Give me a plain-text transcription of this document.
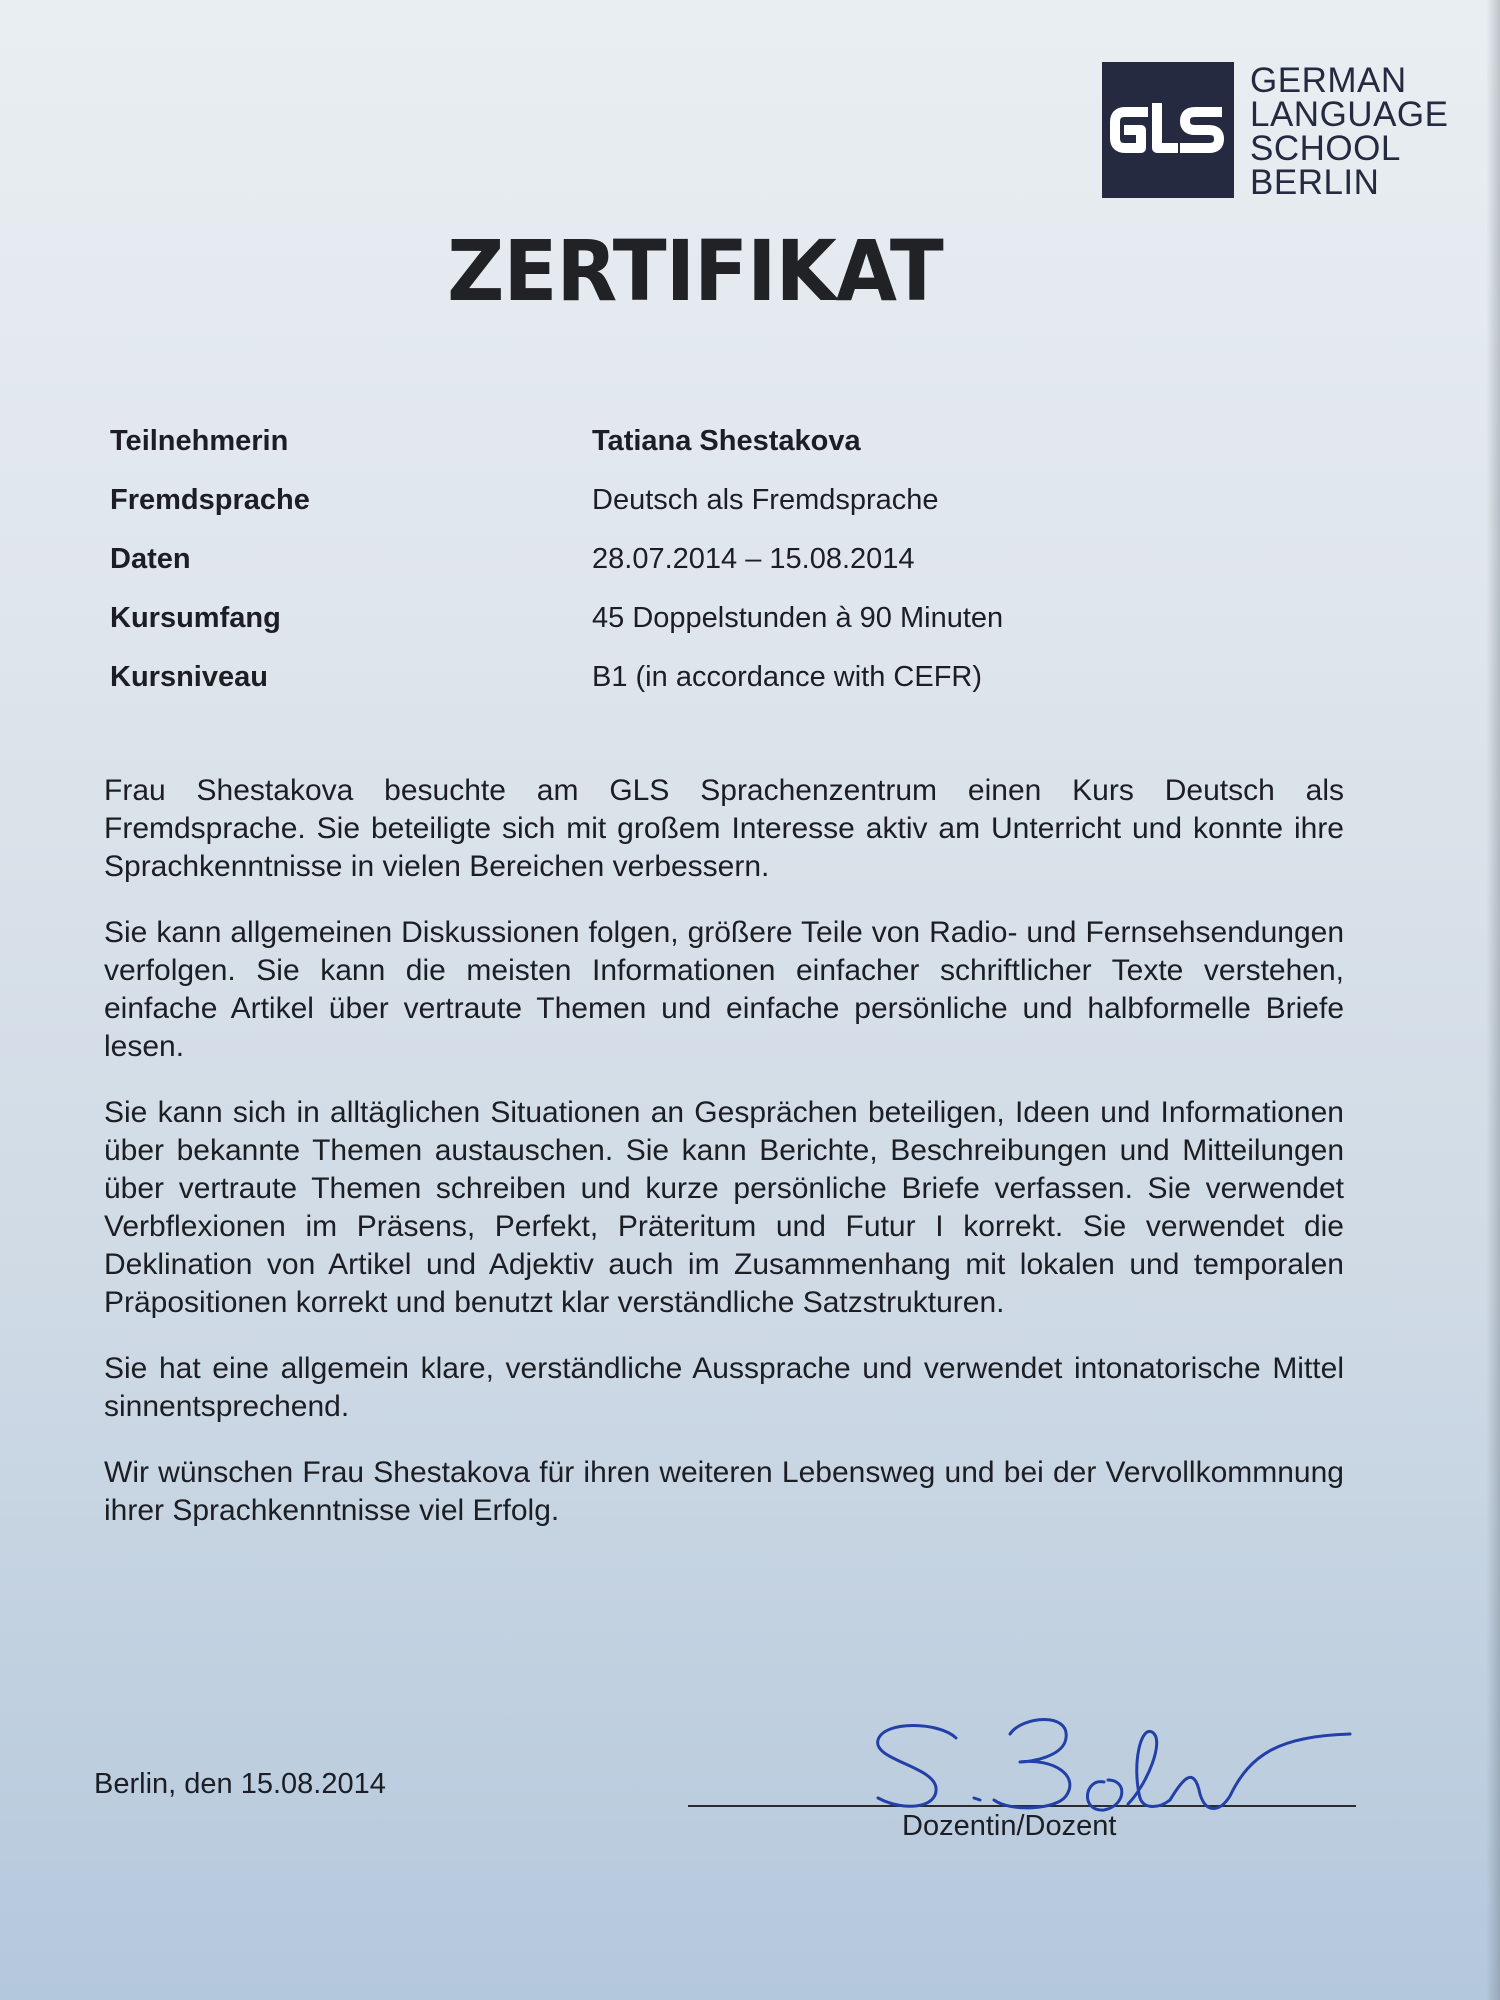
GERMAN
LANGUAGE
SCHOOL
BERLIN
ZERTIFIKAT
Teilnehmerin	Tatiana Shestakova
Fremdsprache	Deutsch als Fremdsprache
Daten	28.07.2014 – 15.08.2014
Kursumfang	45 Doppelstunden à 90 Minuten
Kursniveau	B1 (in accordance with CEFR)

Frau Shestakova besuchte am GLS Sprachenzentrum einen Kurs Deutsch als Fremdsprache. Sie beteiligte sich mit großem Interesse aktiv am Unterricht und konnte ihre Sprachkenntnisse in vielen Bereichen verbessern.

Sie kann allgemeinen Diskussionen folgen, größere Teile von Radio- und Fernsehsendungen verfolgen. Sie kann die meisten Informationen einfacher schriftlicher Texte verstehen, einfache Artikel über vertraute Themen und einfache persönliche und halbformelle Briefe lesen.

Sie kann sich in alltäglichen Situationen an Gesprächen beteiligen, Ideen und Informationen über bekannte Themen austauschen. Sie kann Berichte, Beschreibungen und Mitteilungen über vertraute Themen schreiben und kurze persönliche Briefe verfassen. Sie verwendet Verbflexionen im Präsens, Perfekt, Präteritum und Futur I korrekt. Sie verwendet die Deklination von Artikel und Adjektiv auch im Zusammenhang mit lokalen und temporalen Präpositionen korrekt und benutzt klar verständliche Satzstrukturen.

Sie hat eine allgemein klare, verständliche Aussprache und verwendet intonatorische Mittel sinnentsprechend.

Wir wünschen Frau Shestakova für ihren weiteren Lebensweg und bei der Vervollkommnung ihrer Sprachkenntnisse viel Erfolg.

Berlin, den 15.08.2014
Dozentin/Dozent
